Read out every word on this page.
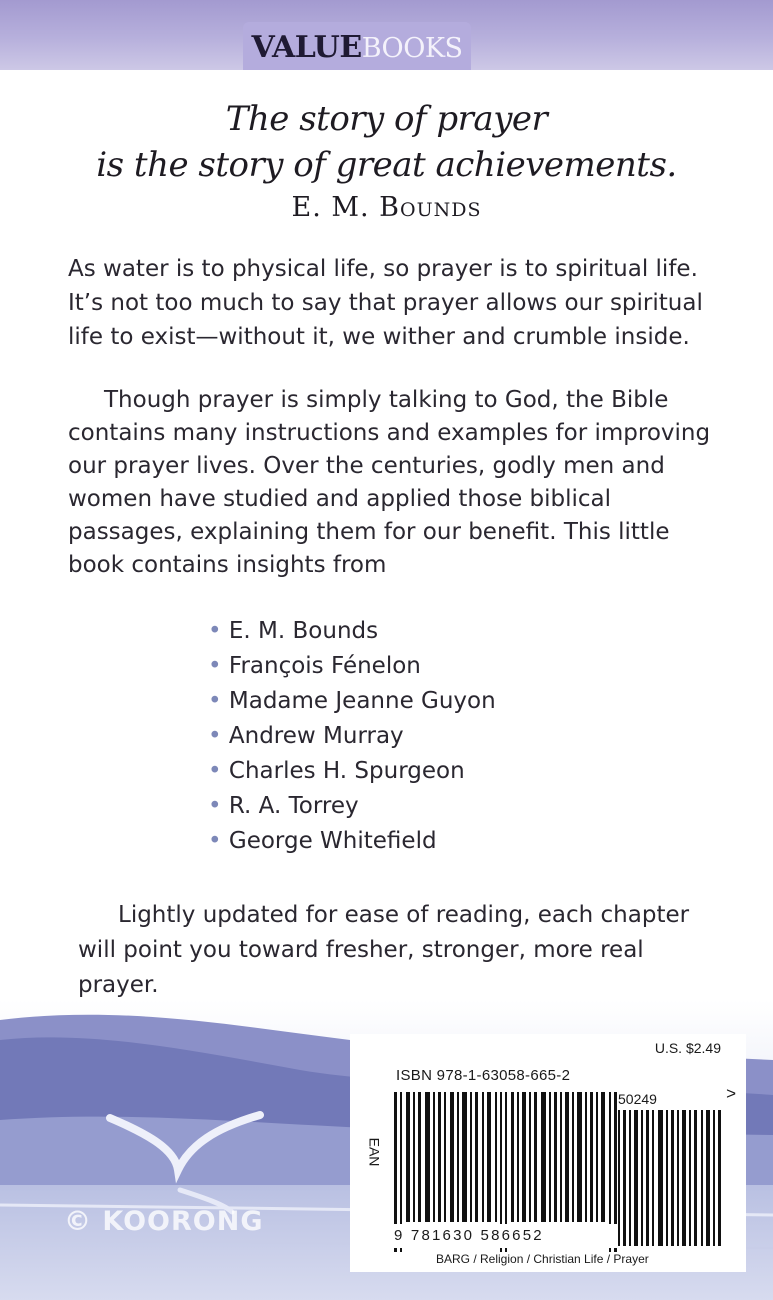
VALUEBOOKS
The story of prayer
is the story of great achievements.
E. M. Bounds
As water is to physical life, so prayer is to spiritual life. It’s not too much to say that prayer allows our spiritual life to exist—without it, we wither and crumble inside.
Though prayer is simply talking to God, the Bible contains many instructions and examples for improving our prayer lives. Over the centuries, godly men and women have studied and applied those biblical passages, explaining them for our benefit. This little book contains insights from
• E. M. Bounds
• François Fénelon
• Madame Jeanne Guyon
• Andrew Murray
• Charles H. Spurgeon
• R. A. Torrey
• George Whitefield
Lightly updated for ease of reading, each chapter will point you toward fresher, stronger, more real prayer.
© KOORONG
U.S. $2.49
ISBN 978-1-63058-665-2
EAN
9 781630 586652
50249	>
BARG / Religion / Christian Life / Prayer
